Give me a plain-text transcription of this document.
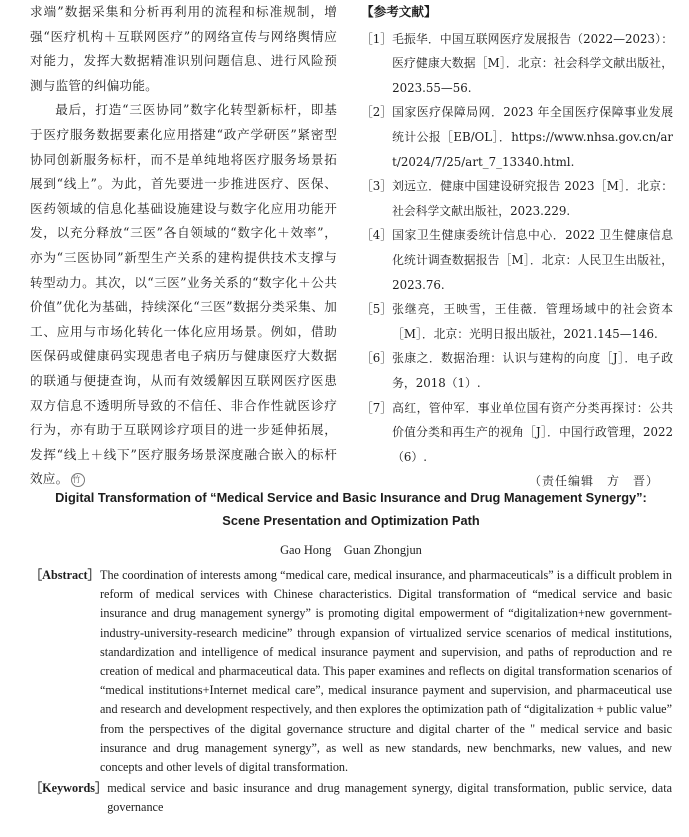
求端”数据采集和分析再利用的流程和标准规制，增强“医疗机构＋互联网医疗”的网络宣传与网络舆情应对能力，发挥大数据精准识别问题信息、进行风险预测与监管的纠偏功能。

最后，打造“三医协同”数字化转型新标杆，即基于医疗服务数据要素化应用搭建“政产学研医”紧密型协同创新服务标杆，而不是单纯地将医疗服务场景拓展到“线上”。为此，首先要进一步推进医疗、医保、医药领域的信息化基础设施建设与数字化应用功能开发，以充分释放“三医”各自领域的“数字化＋效率”，亦为“三医协同”新型生产关系的建构提供技术支撑与转型动力。其次，以“三医”业务关系的“数字化＋公共价值”优化为基础，持续深化“三医”数据分类采集、加工、应用与市场化转化一体化应用场景。例如，借助医保码或健康码实现患者电子病历与健康医疗大数据的联通与便捷查询，从而有效缓解因互联网医疗医患双方信息不透明所导致的不信任、非合作性就医诊疗行为，亦有助于互联网诊疗项目的进一步延伸拓展，发挥“线上＋线下”医疗服务场景深度融合嵌入的标杆效应。 竹

【参考文献】
［1］ 毛振华．中国互联网医疗发展报告（2022—2023）：医疗健康大数据［M］．北京：社会科学文献出版社，2023.55—56.
［2］ 国家医疗保障局网．2023 年全国医疗保障事业发展统计公报［EB/OL］．https://www.nhsa.gov.cn/art/2024/7/25/art_7_13340.html.
［3］ 刘远立．健康中国建设研究报告 2023［M］．北京：社会科学文献出版社，2023.229.
［4］ 国家卫生健康委统计信息中心．2022 卫生健康信息化统计调查数据报告［M］．北京：人民卫生出版社，2023.76.
［5］ 张继亮，王映雪，王佳薇．管理场域中的社会资本［M］．北京：光明日报出版社，2021.145—146.
［6］ 张康之．数据治理：认识与建构的向度［J］．电子政务，2018（1）.
［7］ 高红，管仲军．事业单位国有资产分类再探讨：公共价值分类和再生产的视角［J］．中国行政管理，2022（6）.
（责任编辑　方　晋）
Digital Transformation of “Medical Service and Basic Insurance and Drug Management Synergy”:
Scene Presentation and Optimization Path
Gao Hong　Guan Zhongjun
［Abstract］ The coordination of interests among “medical care, medical insurance, and pharmaceuticals” is a difficult problem in reform of medical services with Chinese characteristics. Digital transformation of “medical service and basic insurance and drug management synergy” is promoting digital empowerment of “digitalization+new government-industry-university-research medicine” through expansion of virtualized service scenarios of medical institutions, standardization and intelligence of medical insurance payment and supervision, and paths of reproduction and re creation of medical and pharmaceutical data. This paper examines and reflects on digital transformation scenarios of “medical institutions+Internet medical care”, medical insurance payment and supervision, and pharmaceutical use and research and development respectively, and then explores the optimization path of “digitalization + public value” from the perspectives of the digital governance structure and digital charter of the " medical service and basic insurance and drug management synergy”, as well as new standards, new benchmarks, new values, and new concepts and other levels of digital transformation.
［Keywords］ medical service and basic insurance and drug management synergy, digital transformation, public service, data governance
